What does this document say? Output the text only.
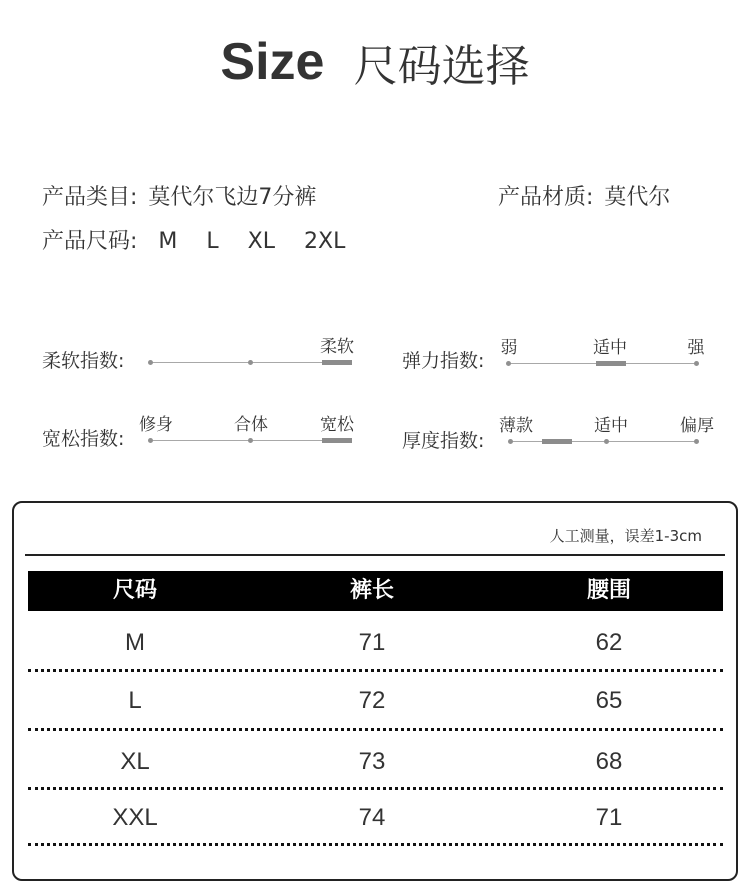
Size 尺码选择
产品类目: 莫代尔飞边7分裤	产品材质: 莫代尔
产品尺码: M L XL 2XL
柔软指数:
柔软
弹力指数:
弱	适中	强
宽松指数:
修身	合体	宽松
厚度指数:
薄款	适中	偏厚
人工测量，误差1-3cm
尺码	裤长	腰围
M	71	62
L	72	65
XL	73	68
XXL	74	71
